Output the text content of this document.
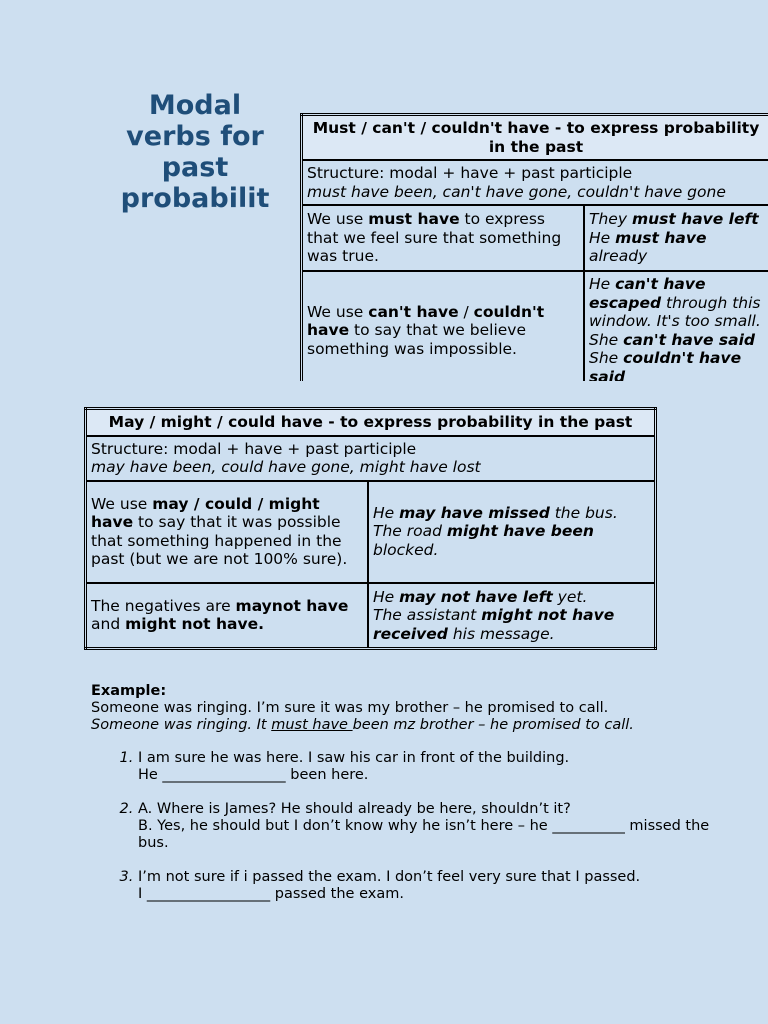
Modal
verbs for
past
probabilit
Must / can't / couldn't have - to express probability in the past	

Structure: modal + have + past participle
must have been, can't have gone, couldn't have gone	

We use must have to express that we feel sure that something was true.	They must have left
He must have already
We use can't have / couldn't have to say that we believe something was impossible.	He can't have escaped through this window. It's too small.
She can't have said
She couldn't have said
May / might / could have - to express probability in the past	

Structure: modal + have + past participle
may have been, could have gone, might have lost	

We use may / could / might have to say that it was possible that something happened in the past (but we are not 100% sure).	He may have missed the bus.
The road might have been
blocked.
The negatives are maynot have and might not have.	He may not have left yet.
The assistant might not have received his message.

Example:

Someone was ringing. I’m sure it was my brother – he promised to call.

Someone was ringing. It must have been mz brother – he promised to call.

1. I am sure he was here. I saw his car in front of the building.
He _________________ been here.
2. A. Where is James? He should already be here, shouldn’t it?
B. Yes, he should but I don’t know why he isn’t here – he __________ missed the bus.
3. I’m not sure if i passed the exam. I don’t feel very sure that I passed.
I _________________ passed the exam.
